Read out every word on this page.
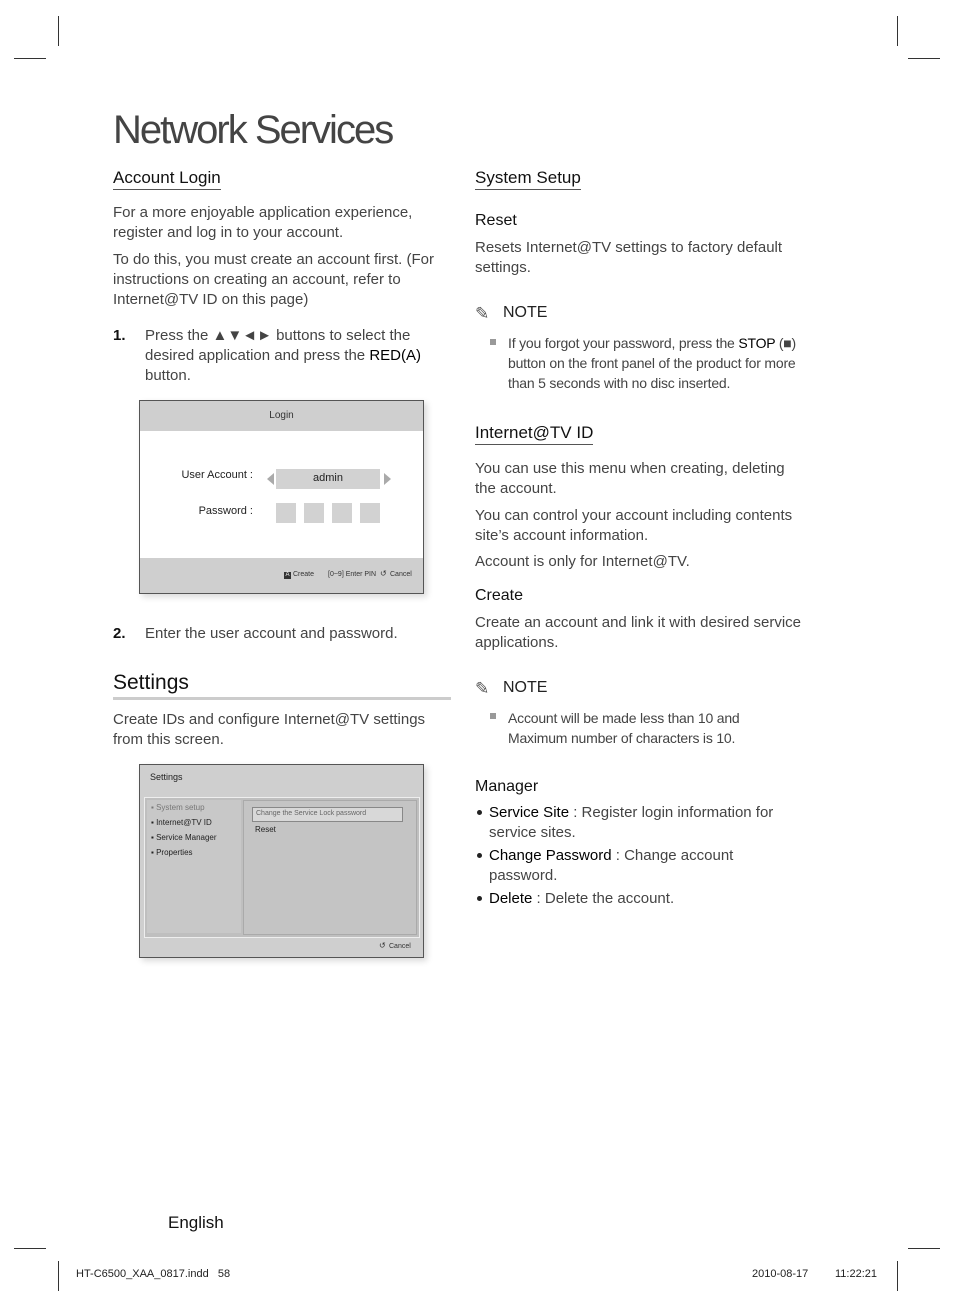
Network Services
Account Login

For a more enjoyable application experience, register and log in to your account.

To do this, you must create an account first. (For instructions on creating an account, refer to Internet@TV ID on this page)

1. Press the ▲▼◄► buttons to select the desired application and press the RED(A) button.

Login
User Account :	admin
Password :
A Create [0~9] Enter PIN ↺ Cancel
2. Enter the user account and password.

Settings

Create IDs and configure Internet@TV settings from this screen.

Settings
▪ System setup
▪ Internet@TV ID
▪ Service Manager
▪ Properties
Change the Service Lock password
Reset
↺ Cancel
System Setup
Reset

Resets Internet@TV settings to factory default settings.

✎ NOTE

If you forgot your password, press the STOP (■) button on the front panel of the product for more than 5 seconds with no disc inserted.

Internet@TV ID

You can use this menu when creating, deleting the account.

You can control your account including contents site’s account information.

Account is only for Internet@TV.

Create

Create an account and link it with desired service applications.

✎ NOTE

Account will be made less than 10 and Maximum number of characters is 10.

Manager

Service Site : Register login information for service sites.

Change Password : Change account password.

Delete : Delete the account.

English
HT-C6500_XAA_0817.indd   58	2010-08-17 11:22:21
